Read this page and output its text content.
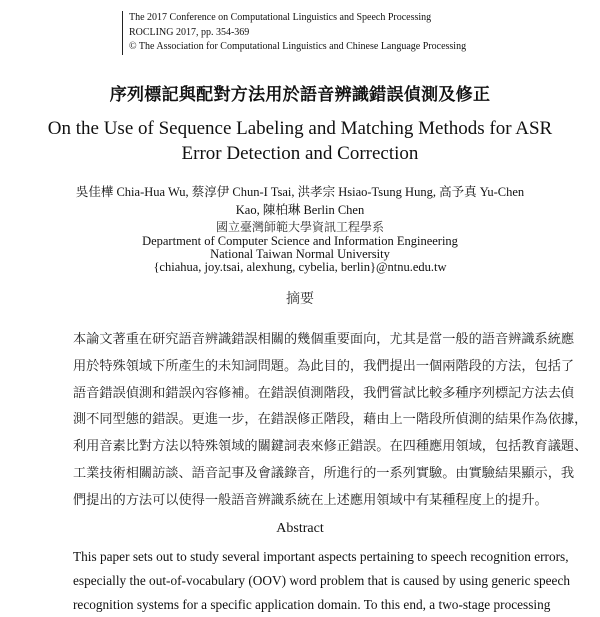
The 2017 Conference on Computational Linguistics and Speech Processing
ROCLING 2017, pp. 354-369
© The Association for Computational Linguistics and Chinese Language Processing
序列標記與配對方法用於語音辨識錯誤偵測及修正
On the Use of Sequence Labeling and Matching Methods for ASR
Error Detection and Correction
吳佳樺 Chia-Hua Wu, 蔡淳伊 Chun-I Tsai, 洪孝宗 Hsiao-Tsung Hung, 高予真 Yu-Chen
Kao, 陳柏琳 Berlin Chen
國立臺灣師範大學資訊工程學系
Department of Computer Science and Information Engineering
National Taiwan Normal University
{chiahua, joy.tsai, alexhung, cybelia, berlin}@ntnu.edu.tw
摘要
本論文著重在研究語音辨識錯誤相關的幾個重要面向，尤其是當一般的語音辨識系統應
用於特殊領域下所產生的未知詞問題。為此目的，我們提出一個兩階段的方法，包括了
語音錯誤偵測和錯誤內容修補。在錯誤偵測階段，我們嘗試比較多種序列標記方法去偵
測不同型態的錯誤。更進一步，在錯誤修正階段，藉由上一階段所偵測的結果作為依據，
利用音素比對方法以特殊領域的關鍵詞表來修正錯誤。在四種應用領域，包括教育議題、
工業技術相關訪談、語音記事及會議錄音，所進行的一系列實驗。由實驗結果顯示，我
們提出的方法可以使得一般語音辨識系統在上述應用領域中有某種程度上的提升。
Abstract
This paper sets out to study several important aspects pertaining to speech recognition errors,
especially the out-of-vocabulary (OOV) word problem that is caused by using generic speech
recognition systems for a specific application domain. To this end, a two-stage processing
